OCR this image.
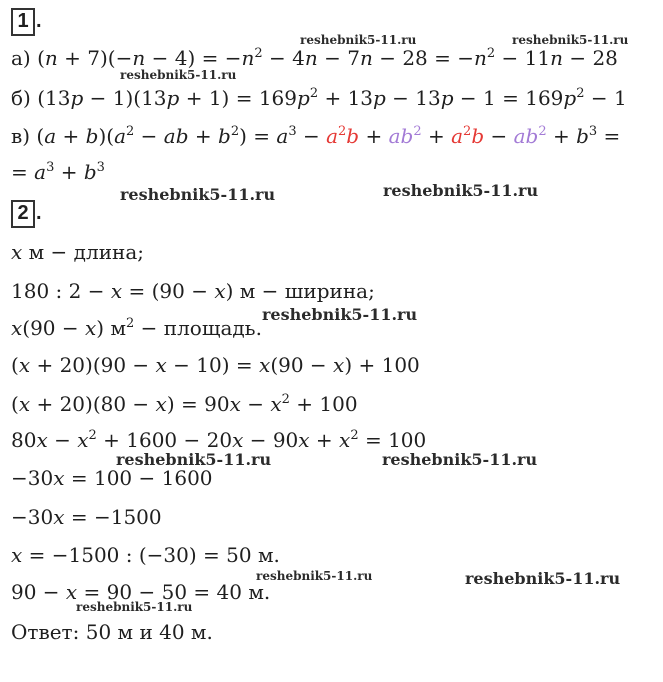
1 .
а) $(n + 7)(-n - 4) = -n^2 - 4n - 7n - 28 = -n^2 - 11n - 28$
б) $(13p - 1)(13p + 1) = 169p^2 + 13p - 13p - 1 = 169p^2 - 1$
в) $(a + b)(a^2$ − ab + $b^2) = a^3 - a^2b + ab^2 + a^2b - ab^2 + b^3$ =
= $a^3 + b^3$
2 .
x м − длина;
180 : 2 − x = (90 − x) м − ширина;
x(90 − x) $м^2$ − площадь.
(x + 20)(90 − x − 10) = x(90 − x) + 100
$(x + 20)(80 - x) = 90x - x^2 + 100$
$80x - x^2 + 1600 - 20x - 90x + x^2 = 100$
−30x = 100 − 1600
−30x = −1500
x = −1500 : (−30) = 50 м.
90 − x = 90 − 50 = 40 м.
Ответ: 50 м и 40 м.
reshebnik5-11.ru	reshebnik5-11.ru
reshebnik5-11.ru
reshebnik5-11.ru	reshebnik5-11.ru
reshebnik5-11.ru
reshebnik5-11.ru	reshebnik5-11.ru
reshebnik5-11.ru	reshebnik5-11.ru
reshebnik5-11.ru
